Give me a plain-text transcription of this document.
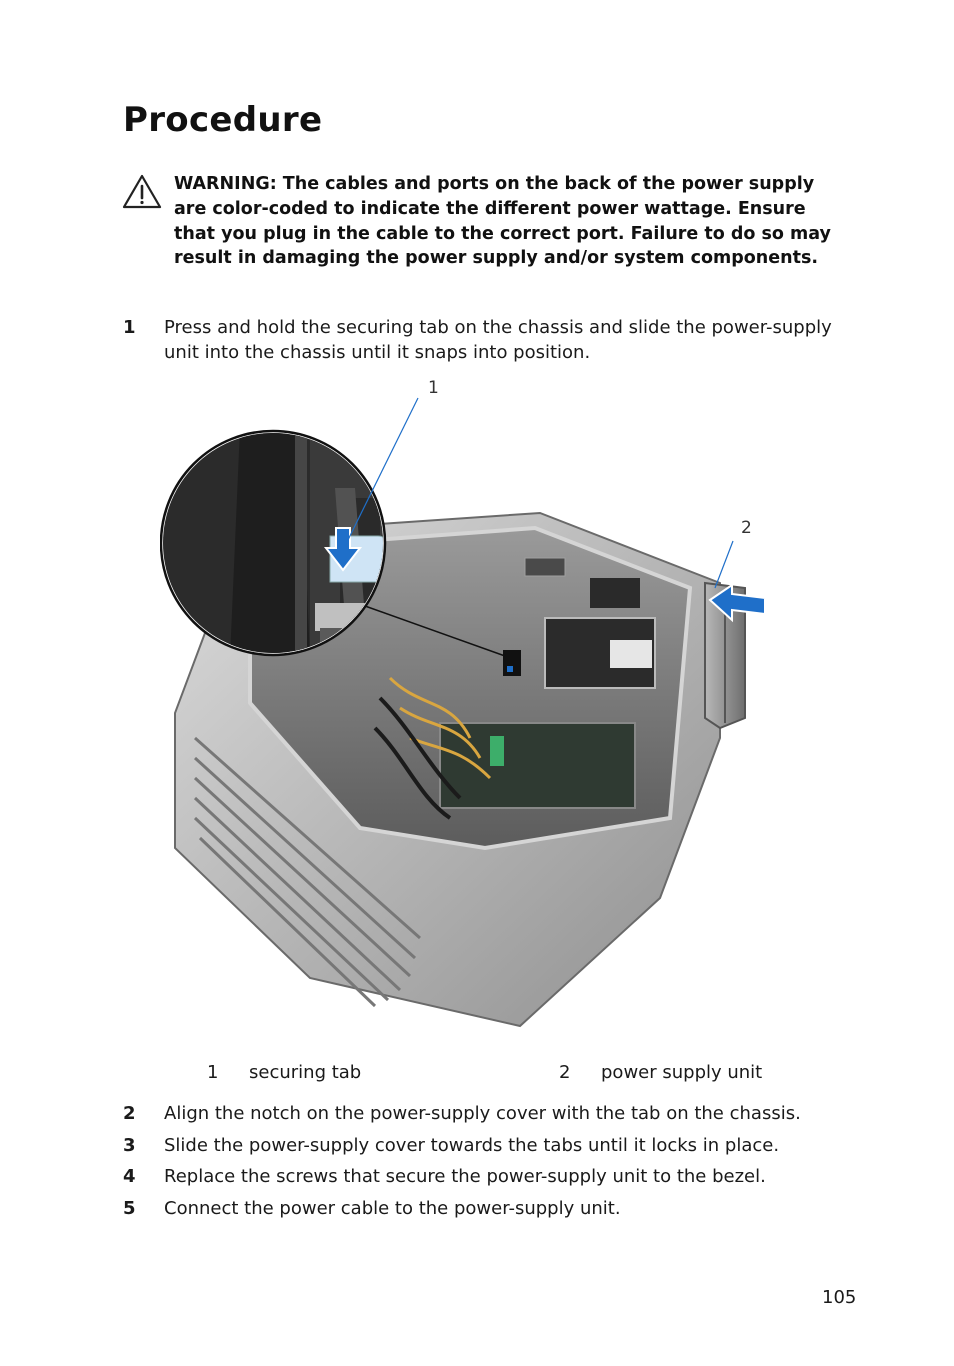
Procedure
WARNING: The cables and ports on the back of the power supply are color-coded to indicate the different power wattage. Ensure that you plug in the cable to the correct port. Failure to do so may result in damaging the power supply and/or system components.
1 Press and hold the securing tab on the chassis and slide the power-supply unit into the chassis until it snaps into position.
1
2
1 securing tab	2 power supply unit
2 Align the notch on the power-supply cover with the tab on the chassis.
3 Slide the power-supply cover towards the tabs until it locks in place.
4 Replace the screws that secure the power-supply unit to the bezel.
5 Connect the power cable to the power-supply unit.
105
